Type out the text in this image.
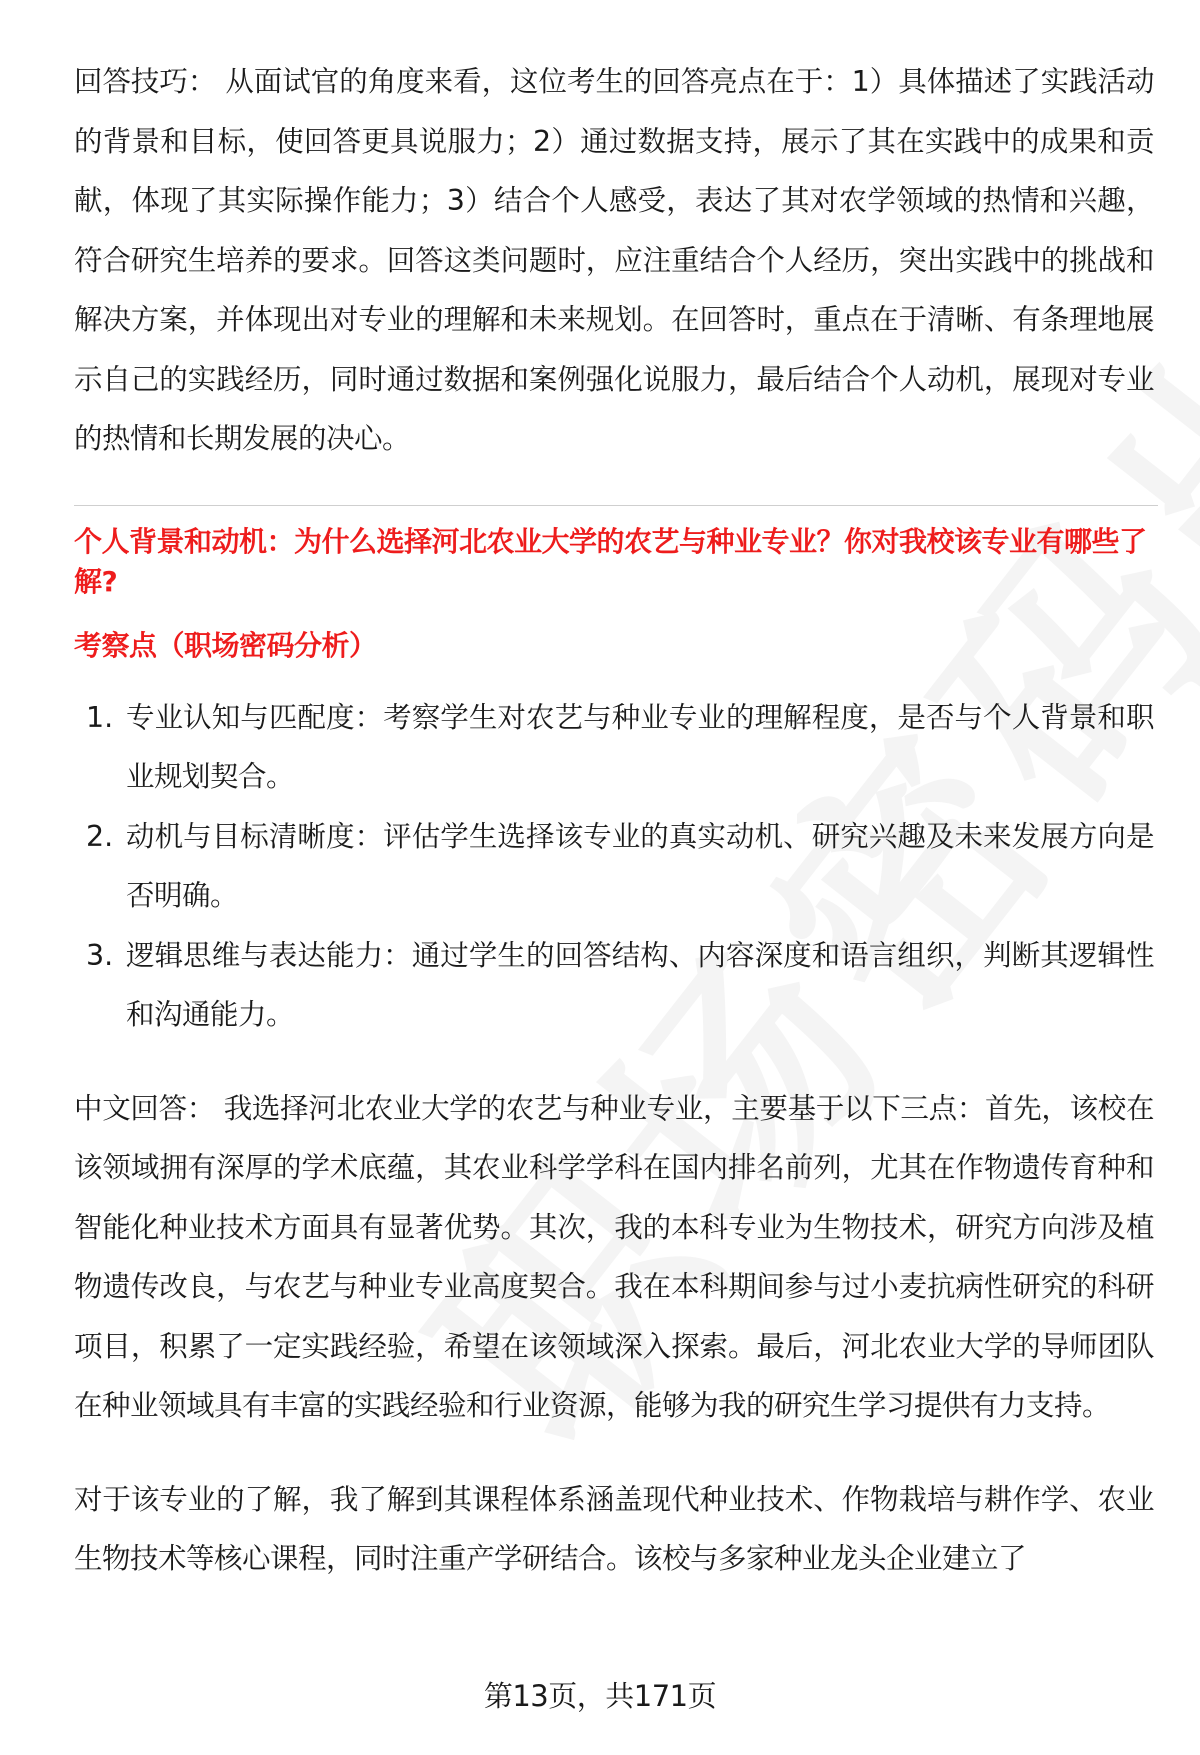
回答技巧： 从面试官的角度来看，这位考生的回答亮点在于：1）具体描述了实践活动的背景和目标，使回答更具说服力；2）通过数据支持，展示了其在实践中的成果和贡献，体现了其实际操作能力；3）结合个人感受，表达了其对农学领域的热情和兴趣，符合研究生培养的要求。回答这类问题时，应注重结合个人经历，突出实践中的挑战和解决方案，并体现出对专业的理解和未来规划。在回答时，重点在于清晰、有条理地展示自己的实践经历，同时通过数据和案例强化说服力，最后结合个人动机，展现对专业的热情和长期发展的决心。

个人背景和动机：为什么选择河北农业大学的农艺与种业专业？你对我校该专业有哪些了解?

考察点（职场密码分析）

1. 专业认知与匹配度：考察学生对农艺与种业专业的理解程度，是否与个人背景和职业规划契合。

2. 动机与目标清晰度：评估学生选择该专业的真实动机、研究兴趣及未来发展方向是否明确。

3. 逻辑思维与表达能力：通过学生的回答结构、内容深度和语言组织，判断其逻辑性和沟通能力。

中文回答： 我选择河北农业大学的农艺与种业专业，主要基于以下三点：首先，该校在该领域拥有深厚的学术底蕴，其农业科学学科在国内排名前列，尤其在作物遗传育种和智能化种业技术方面具有显著优势。其次，我的本科专业为生物技术，研究方向涉及植物遗传改良，与农艺与种业专业高度契合。我在本科期间参与过小麦抗病性研究的科研项目，积累了一定实践经验，希望在该领域深入探索。最后，河北农业大学的导师团队在种业领域具有丰富的实践经验和行业资源，能够为我的研究生学习提供有力支持。

对于该专业的了解，我了解到其课程体系涵盖现代种业技术、作物栽培与耕作学、农业生物技术等核心课程，同时注重产学研结合。该校与多家种业龙头企业建立了

第13页，共171页
